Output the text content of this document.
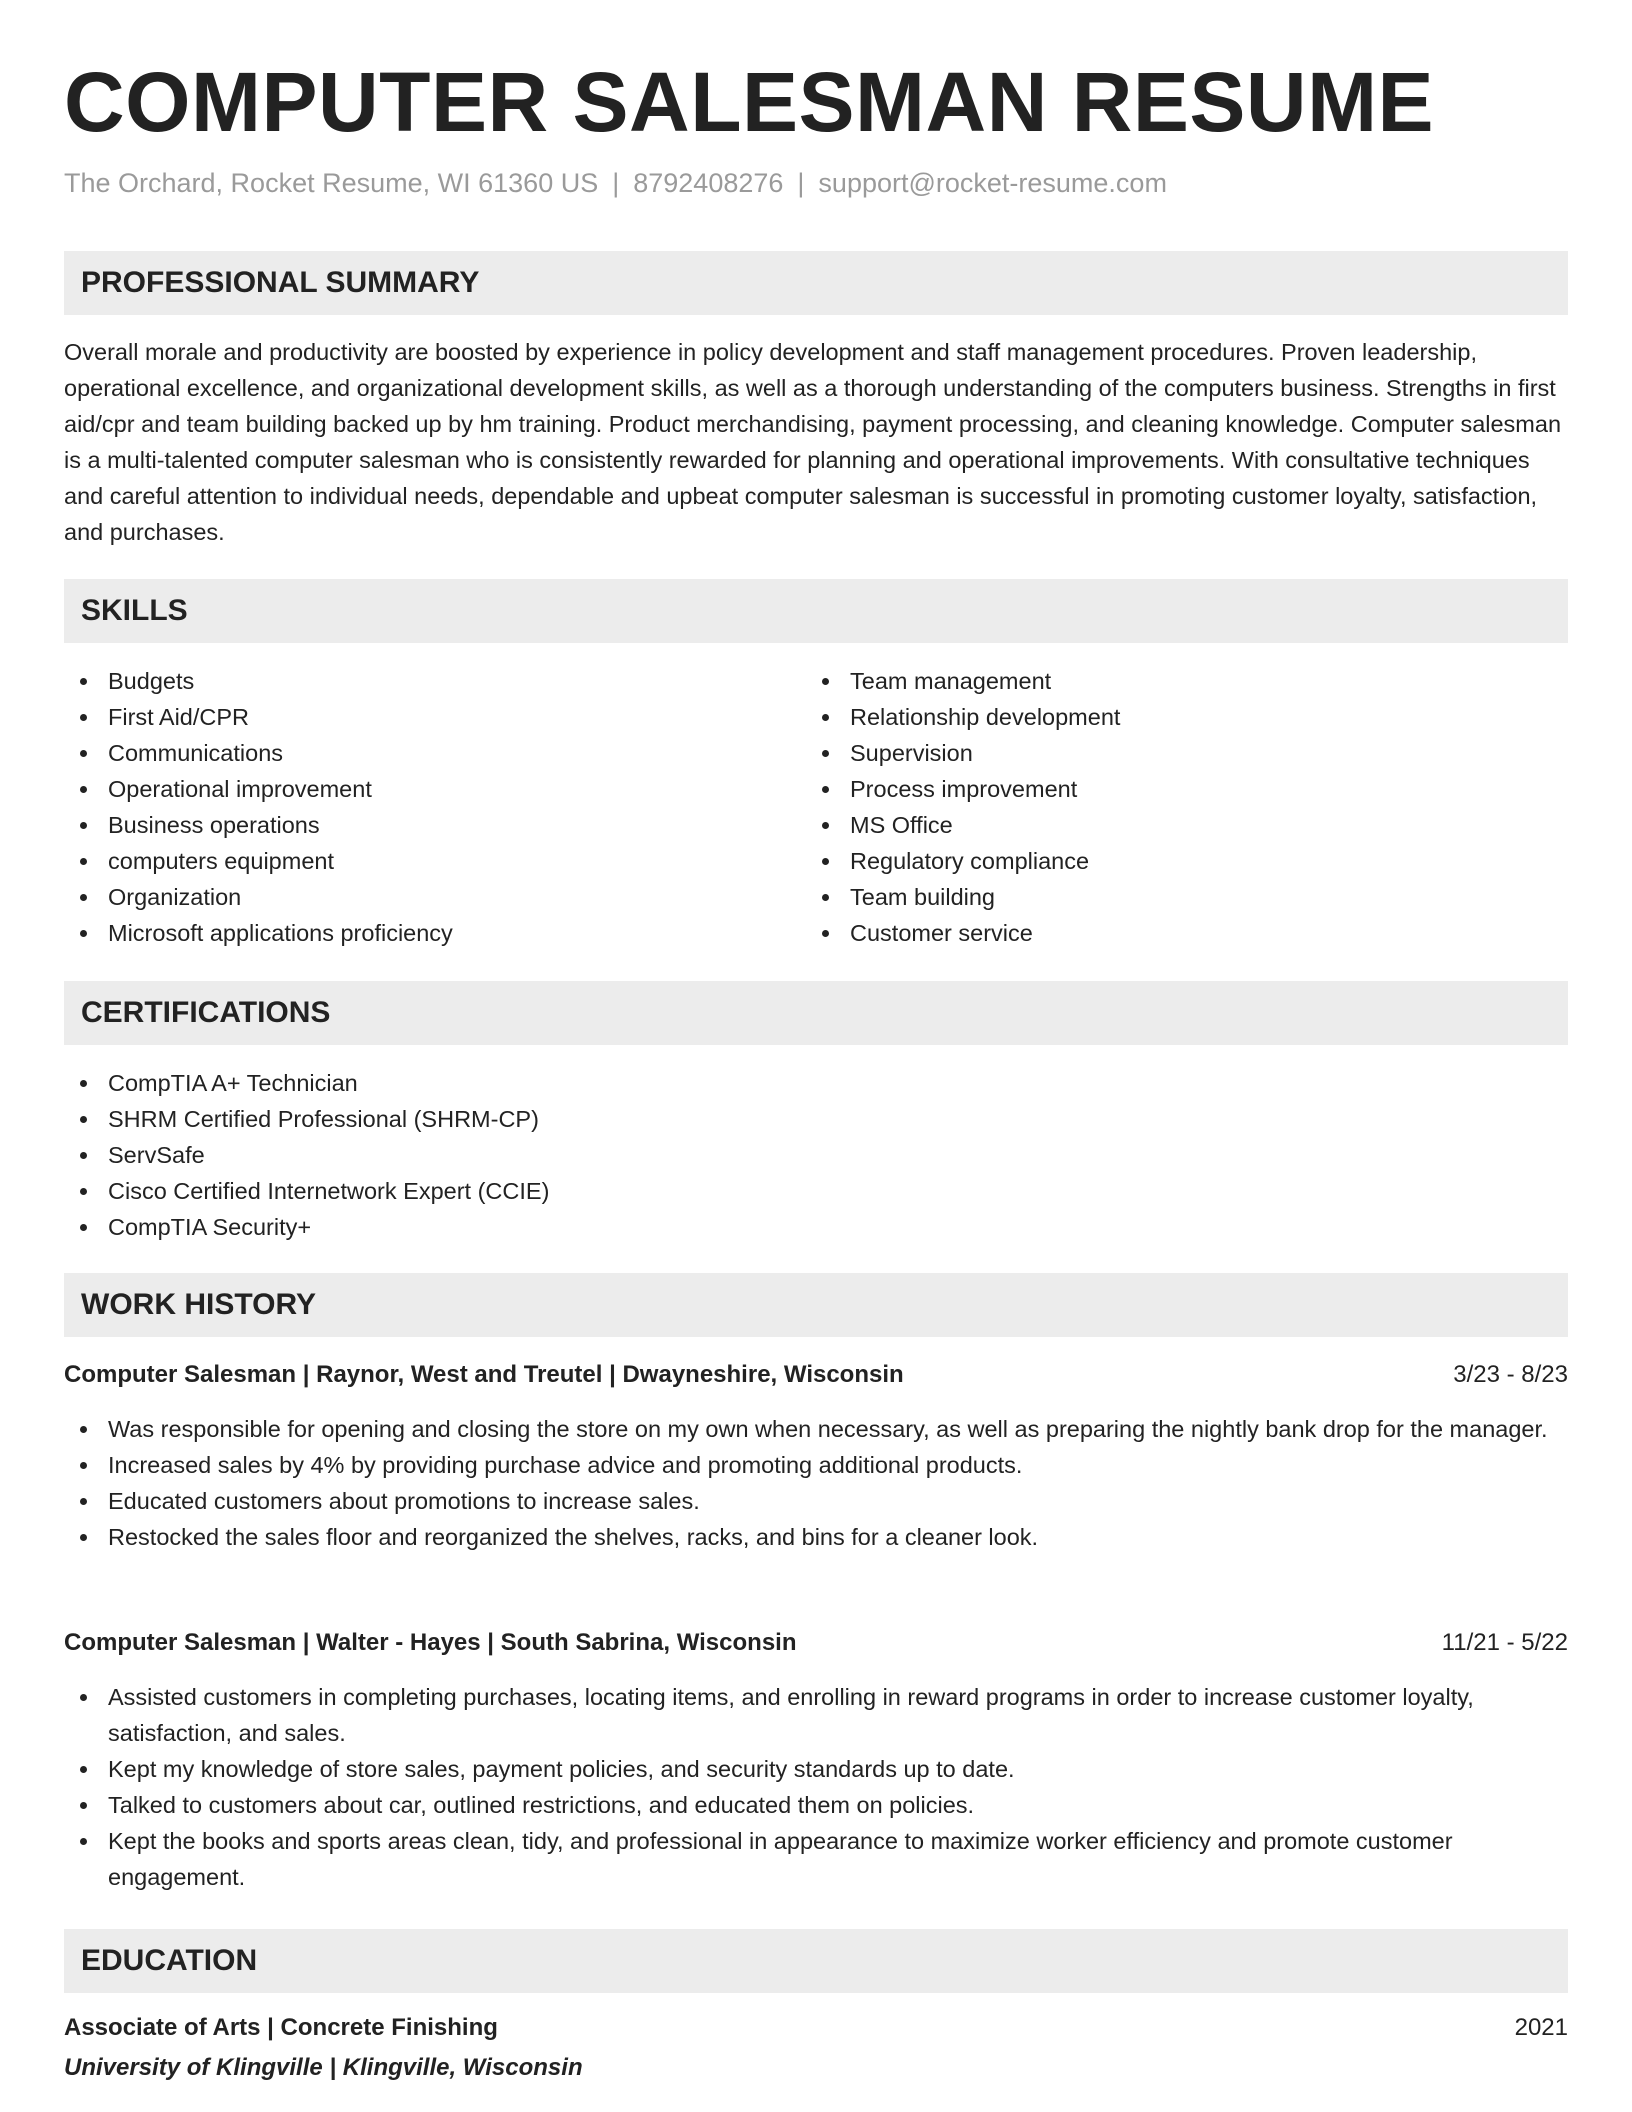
COMPUTER SALESMAN RESUME
The Orchard, Rocket Resume, WI 61360 US | 8792408276 | support@rocket-resume.com
PROFESSIONAL SUMMARY
Overall morale and productivity are boosted by experience in policy development and staff management procedures. Proven leadership, operational excellence, and organizational development skills, as well as a thorough understanding of the computers business. Strengths in first aid/cpr and team building backed up by hm training. Product merchandising, payment processing, and cleaning knowledge. Computer salesman is a multi-talented computer salesman who is consistently rewarded for planning and operational improvements. With consultative techniques and careful attention to individual needs, dependable and upbeat computer salesman is successful in promoting customer loyalty, satisfaction, and purchases.
SKILLS
Budgets
First Aid/CPR
Communications
Operational improvement
Business operations
computers equipment
Organization
Microsoft applications proficiency
Team management
Relationship development
Supervision
Process improvement
MS Office
Regulatory compliance
Team building
Customer service
CERTIFICATIONS
CompTIA A+ Technician
SHRM Certified Professional (SHRM-CP)
ServSafe
Cisco Certified Internetwork Expert (CCIE)
CompTIA Security+
WORK HISTORY
Computer Salesman | Raynor, West and Treutel | Dwayneshire, Wisconsin	3/23 - 8/23
Was responsible for opening and closing the store on my own when necessary, as well as preparing the nightly bank drop for the manager.
Increased sales by 4% by providing purchase advice and promoting additional products.
Educated customers about promotions to increase sales.
Restocked the sales floor and reorganized the shelves, racks, and bins for a cleaner look.
Computer Salesman | Walter - Hayes | South Sabrina, Wisconsin	11/21 - 5/22
Assisted customers in completing purchases, locating items, and enrolling in reward programs in order to increase customer loyalty, satisfaction, and sales.
Kept my knowledge of store sales, payment policies, and security standards up to date.
Talked to customers about car, outlined restrictions, and educated them on policies.
Kept the books and sports areas clean, tidy, and professional in appearance to maximize worker efficiency and promote customer engagement.
EDUCATION
Associate of Arts | Concrete Finishing	2021
University of Klingville | Klingville, Wisconsin
